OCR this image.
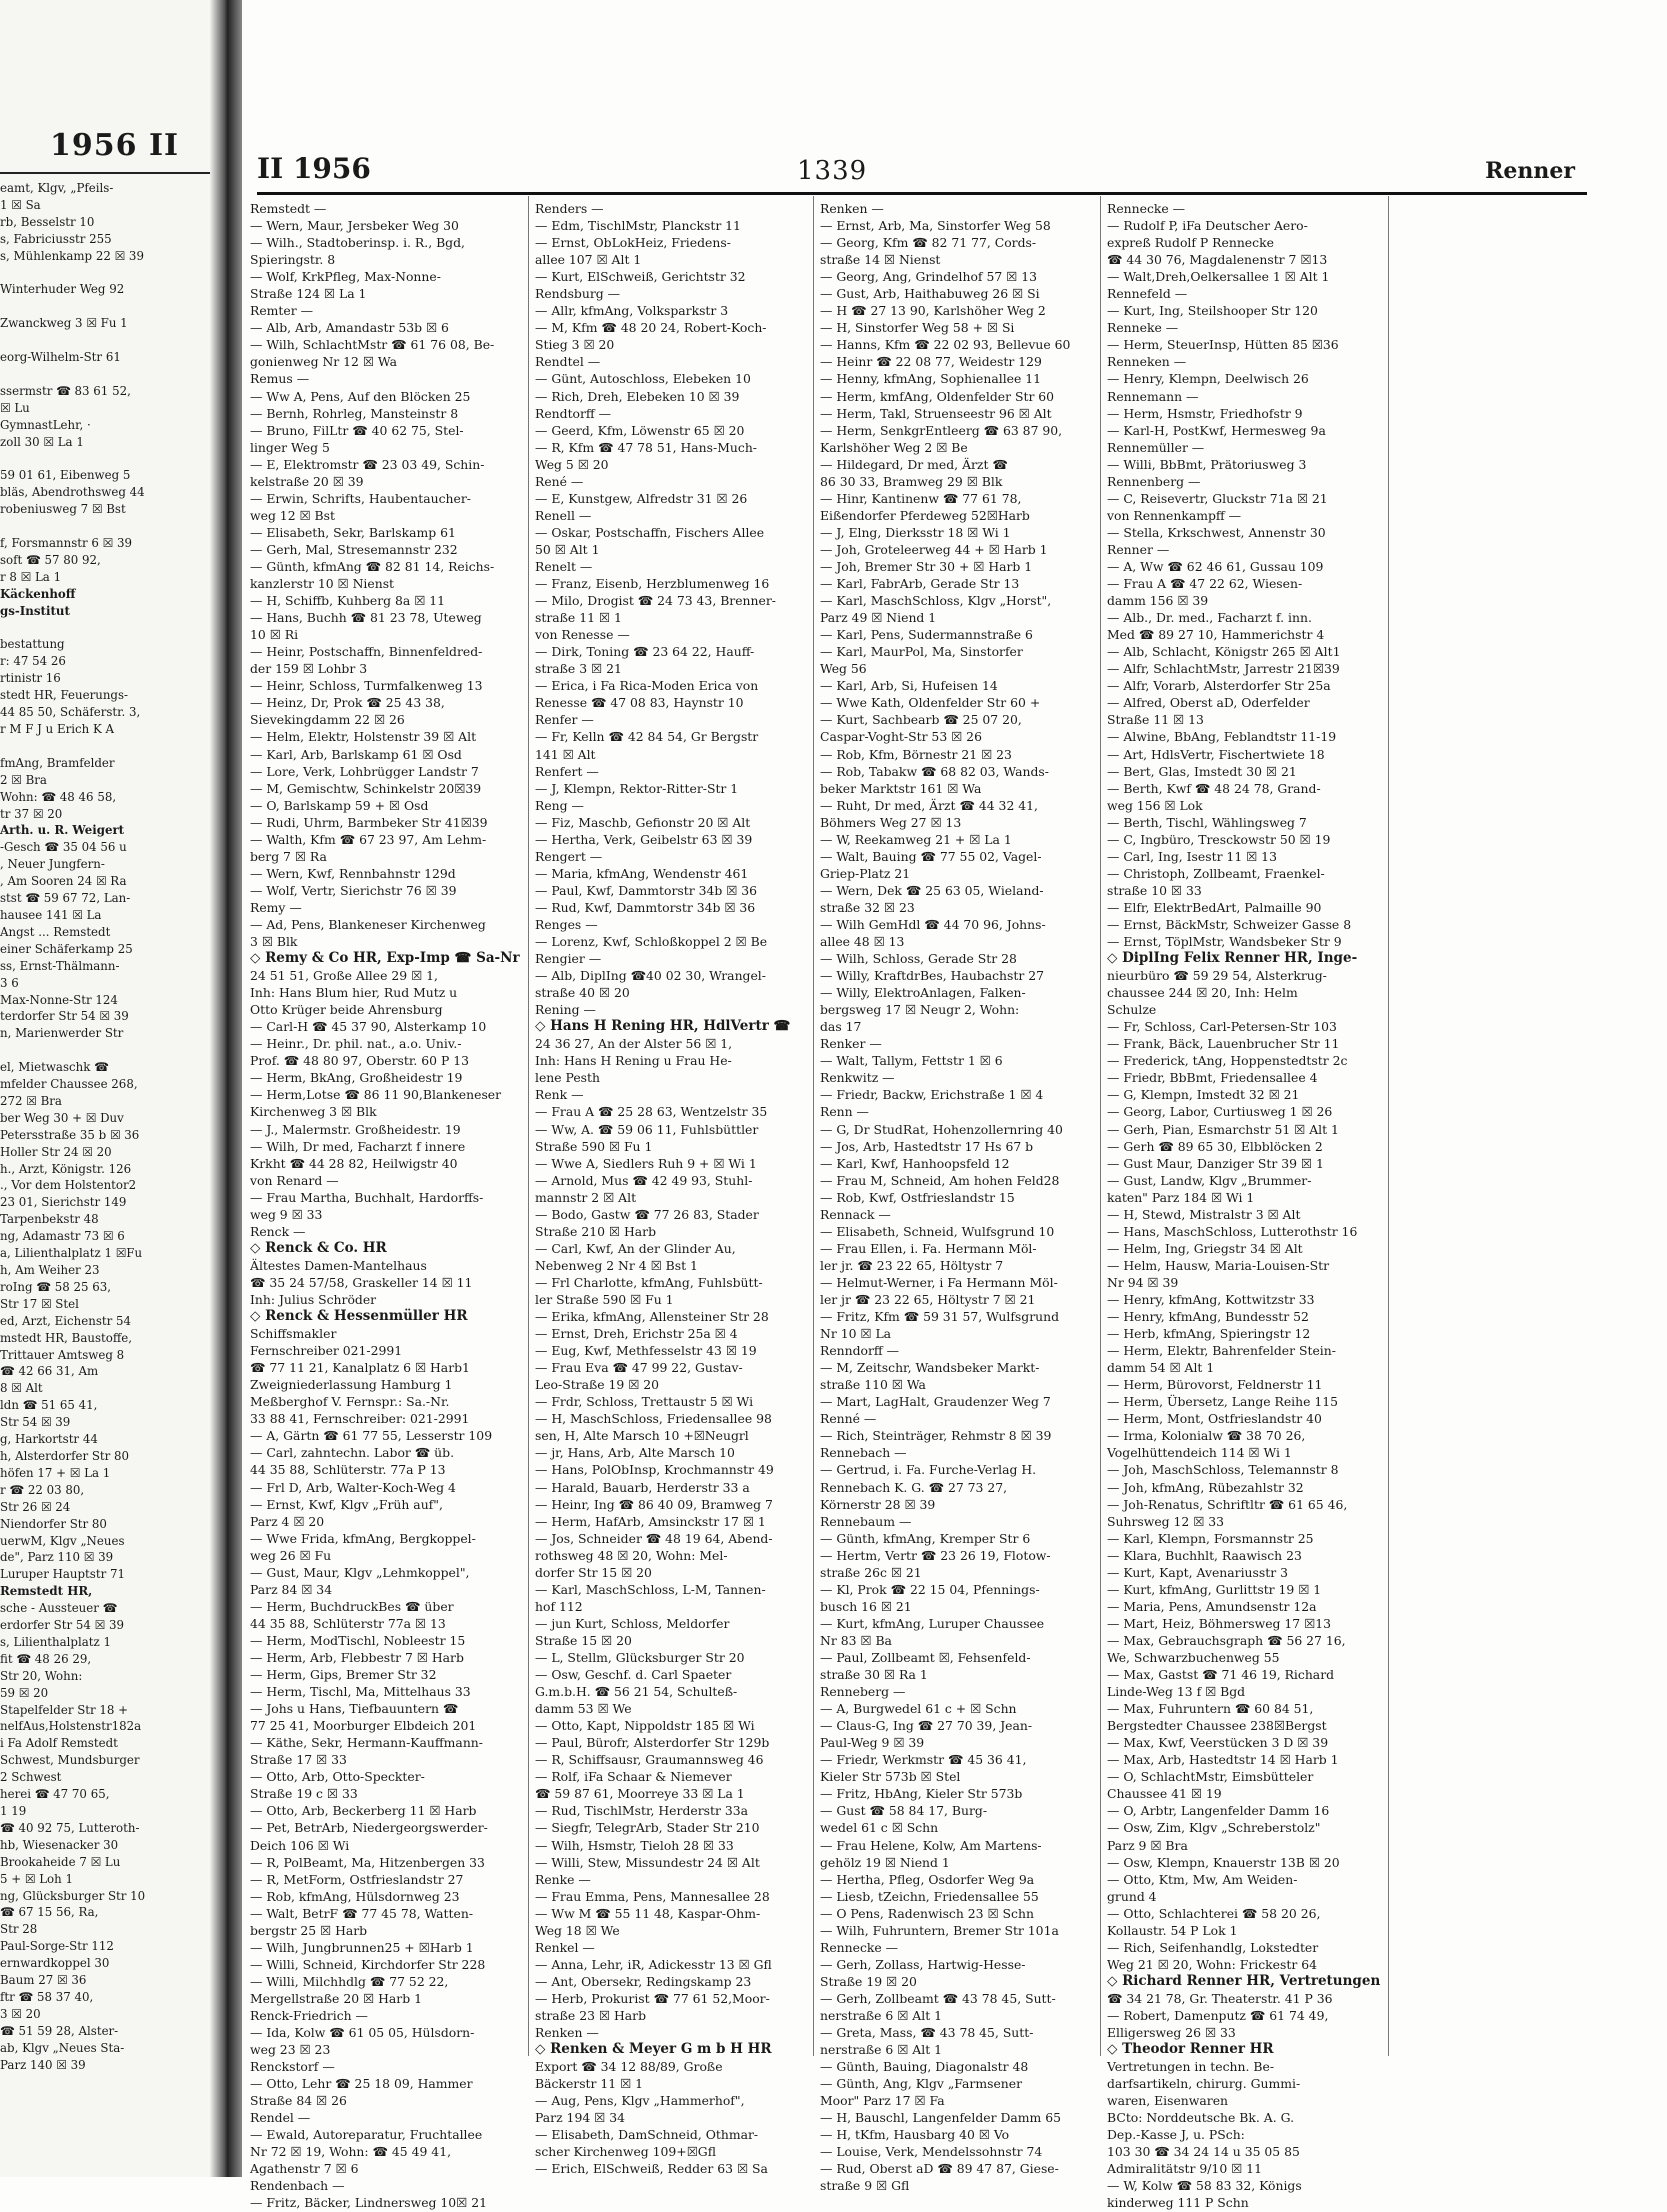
1956 II
eamt, Klgv, „Pfeils-
1 ☒ Sa
rb, Besselstr 10
s, Fabriciusstr 255
s, Mühlenkamp 22 ☒ 39

Winterhuder Weg 92

Zwanckweg 3 ☒ Fu 1

eorg-Wilhelm-Str 61

ssermstr ☎ 83 61 52,
☒ Lu
GymnastLehr, ·
zoll 30 ☒ La 1

59 01 61, Eibenweg 5
bläs, Abendrothsweg 44
robeniusweg 7 ☒ Bst

f, Forsmannstr 6 ☒ 39
soft ☎ 57 80 92,
r 8 ☒ La 1
Käckenhoff
gs-Institut

bestattung
r: 47 54 26
rtinistr 16
stedt HR, Feuerungs-
44 85 50, Schäferstr. 3,
r M F J u Erich K A

fmAng, Bramfelder
2 ☒ Bra
Wohn: ☎ 48 46 58,
tr 37 ☒ 20
Arth. u. R. Weigert
-Gesch ☎ 35 04 56 u
, Neuer Jungfern-
, Am Sooren 24 ☒ Ra
stst ☎ 59 67 72, Lan-
hausee 141 ☒ La
Angst ... Remstedt
einer Schäferkamp 25
ss, Ernst-Thälmann-
3 6
Max-Nonne-Str 124
terdorfer Str 54 ☒ 39
n, Marienwerder Str

el, Mietwaschk ☎
mfelder Chaussee 268,
272 ☒ Bra
ber Weg 30 + ☒ Duv
Petersstraße 35 b ☒ 36
Holler Str 24 ☒ 20
h., Arzt, Königstr. 126
., Vor dem Holstentor2
23 01, Sierichstr 149
Tarpenbekstr 48
ng, Adamastr 73 ☒ 6
a, Lilienthalplatz 1 ☒Fu
h, Am Weiher 23
roIng ☎ 58 25 63,
Str 17 ☒ Stel
ed, Arzt, Eichenstr 54
mstedt HR, Baustoffe,
Trittauer Amtsweg 8
☎ 42 66 31, Am
8 ☒ Alt
ldn ☎ 51 65 41,
Str 54 ☒ 39
g, Harkortstr 44
h, Alsterdorfer Str 80
höfen 17 + ☒ La 1
r ☎ 22 03 80,
Str 26 ☒ 24
Niendorfer Str 80
uerwM, Klgv „Neues
de", Parz 110 ☒ 39
Luruper Hauptstr 71
Remstedt HR,
sche - Aussteuer ☎
erdorfer Str 54 ☒ 39
s, Lilienthalplatz 1
fit ☎ 48 26 29,
Str 20, Wohn:
59 ☒ 20
Stapelfelder Str 18 +
nelfAus,Holstenstr182a
i Fa Adolf Remstedt
Schwest, Mundsburger
2 Schwest
herei ☎ 47 70 65,
1 19
☎ 40 92 75, Lutteroth-
hb, Wiesenacker 30
Brookaheide 7 ☒ Lu
5 + ☒ Loh 1
ng, Glücksburger Str 10
☎ 67 15 56, Ra,
Str 28
Paul-Sorge-Str 112
ernwardkoppel 30
Baum 27 ☒ 36
ftr ☎ 58 37 40,
3 ☒ 20
☎ 51 59 28, Alster-
ab, Klgv „Neues Sta-
Parz 140 ☒ 39
II 1956	1339	Renner
Remstedt —
— Wern, Maur, Jersbeker Weg 30
— Wilh., Stadtoberinsp. i. R., Bgd,
Spieringstr. 8
— Wolf, KrkPfleg, Max-Nonne-
Straße 124 ☒ La 1
Remter —
— Alb, Arb, Amandastr 53b ☒ 6
— Wilh, SchlachtMstr ☎ 61 76 08, Be-
gonienweg Nr 12 ☒ Wa
Remus —
— Ww A, Pens, Auf den Blöcken 25
— Bernh, Rohrleg, Mansteinstr 8
— Bruno, FilLtr ☎ 40 62 75, Stel-
linger Weg 5
— E, Elektromstr ☎ 23 03 49, Schin-
kelstraße 20 ☒ 39
— Erwin, Schrifts, Haubentaucher-
weg 12 ☒ Bst
— Elisabeth, Sekr, Barlskamp 61
— Gerh, Mal, Stresemannstr 232
— Günth, kfmAng ☎ 82 81 14, Reichs-
kanzlerstr 10 ☒ Nienst
— H, Schiffb, Kuhberg 8a ☒ 11
— Hans, Buchh ☎ 81 23 78, Uteweg
10 ☒ Ri
— Heinr, Postschaffn, Binnenfeldred-
der 159 ☒ Lohbr 3
— Heinr, Schloss, Turmfalkenweg 13
— Heinz, Dr, Prok ☎ 25 43 38,
Sievekingdamm 22 ☒ 26
— Helm, Elektr, Holstenstr 39 ☒ Alt
— Karl, Arb, Barlskamp 61 ☒ Osd
— Lore, Verk, Lohbrügger Landstr 7
— M, Gemischtw, Schinkelstr 20☒39
— O, Barlskamp 59 + ☒ Osd
— Rudi, Uhrm, Barmbeker Str 41☒39
— Walth, Kfm ☎ 67 23 97, Am Lehm-
berg 7 ☒ Ra
— Wern, Kwf, Rennbahnstr 129d
— Wolf, Vertr, Sierichstr 76 ☒ 39
Remy —
— Ad, Pens, Blankeneser Kirchenweg
3 ☒ Blk
◇ Remy & Co HR, Exp-Imp ☎ Sa-Nr
24 51 51, Große Allee 29 ☒ 1,
Inh: Hans Blum hier, Rud Mutz u
Otto Krüger beide Ahrensburg
— Carl-H ☎ 45 37 90, Alsterkamp 10
— Heinr., Dr. phil. nat., a.o. Univ.-
Prof. ☎ 48 80 97, Oberstr. 60 P 13
— Herm, BkAng, Großheidestr 19
— Herm,Lotse ☎ 86 11 90,Blankeneser
Kirchenweg 3 ☒ Blk
— J., Malermstr. Großheidestr. 19
— Wilh, Dr med, Facharzt f innere
Krkht ☎ 44 28 82, Heilwigstr 40
von Renard —
— Frau Martha, Buchhalt, Hardorffs-
weg 9 ☒ 33
Renck —
◇ Renck & Co. HR
Ältestes Damen-Mantelhaus
☎ 35 24 57/58, Graskeller 14 ☒ 11
Inh: Julius Schröder
◇ Renck & Hessenmüller HR
Schiffsmakler
Fernschreiber 021-2991
☎ 77 11 21, Kanalplatz 6 ☒ Harb1
Zweigniederlassung Hamburg 1
Meßberghof V. Fernspr.: Sa.-Nr.
33 88 41, Fernschreiber: 021-2991
— A, Gärtn ☎ 61 77 55, Lesserstr 109
— Carl, zahntechn. Labor ☎ üb.
44 35 88, Schlüterstr. 77a P 13
— Frl D, Arb, Walter-Koch-Weg 4
— Ernst, Kwf, Klgv „Früh auf",
Parz 4 ☒ 20
— Wwe Frida, kfmAng, Bergkoppel-
weg 26 ☒ Fu
— Gust, Maur, Klgv „Lehmkoppel",
Parz 84 ☒ 34
— Herm, BuchdruckBes ☎ über
44 35 88, Schlüterstr 77a ☒ 13
— Herm, ModTischl, Nobleestr 15
— Herm, Arb, Flebbestr 7 ☒ Harb
— Herm, Gips, Bremer Str 32
— Herm, Tischl, Ma, Mittelhaus 33
— Johs u Hans, Tiefbauuntern ☎
77 25 41, Moorburger Elbdeich 201
— Käthe, Sekr, Hermann-Kauffmann-
Straße 17 ☒ 33
— Otto, Arb, Otto-Speckter-
Straße 19 c ☒ 33
— Otto, Arb, Beckerberg 11 ☒ Harb
— Pet, BetrArb, Niedergeorgswerder-
Deich 106 ☒ Wi
— R, PolBeamt, Ma, Hitzenbergen 33
— R, MetForm, Ostfrieslandstr 27
— Rob, kfmAng, Hülsdornweg 23
— Walt, BetrF ☎ 77 45 78, Watten-
bergstr 25 ☒ Harb
— Wilh, Jungbrunnen25 + ☒Harb 1
— Willi, Schneid, Kirchdorfer Str 228
— Willi, Milchhdlg ☎ 77 52 22,
Mergellstraße 20 ☒ Harb 1
Renck-Friedrich —
— Ida, Kolw ☎ 61 05 05, Hülsdorn-
weg 23 ☒ 23
Renckstorf —
— Otto, Lehr ☎ 25 18 09, Hammer
Straße 84 ☒ 26
Rendel —
— Ewald, Autoreparatur, Fruchtallee
Nr 72 ☒ 19, Wohn: ☎ 45 49 41,
Agathenstr 7 ☒ 6
Rendenbach —
— Fritz, Bäcker, Lindnersweg 10☒ 21
Renders —
— Edm, TischlMstr, Planckstr 11
— Ernst, ObLokHeiz, Friedens-
allee 107 ☒ Alt 1
— Kurt, ElSchweiß, Gerichtstr 32
Rendsburg —
— Allr, kfmAng, Volksparkstr 3
— M, Kfm ☎ 48 20 24, Robert-Koch-
Stieg 3 ☒ 20
Rendtel —
— Günt, Autoschloss, Elebeken 10
— Rich, Dreh, Elebeken 10 ☒ 39
Rendtorff —
— Geerd, Kfm, Löwenstr 65 ☒ 20
— R, Kfm ☎ 47 78 51, Hans-Much-
Weg 5 ☒ 20
René —
— E, Kunstgew, Alfredstr 31 ☒ 26
Renell —
— Oskar, Postschaffn, Fischers Allee
50 ☒ Alt 1
Renelt —
— Franz, Eisenb, Herzblumenweg 16
— Milo, Drogist ☎ 24 73 43, Brenner-
straße 11 ☒ 1
von Renesse —
— Dirk, Toning ☎ 23 64 22, Hauff-
straße 3 ☒ 21
— Erica, i Fa Rica-Moden Erica von
Renesse ☎ 47 08 83, Haynstr 10
Renfer —
— Fr, Kelln ☎ 42 84 54, Gr Bergstr
141 ☒ Alt
Renfert —
— J, Klempn, Rektor-Ritter-Str 1
Reng —
— Fiz, Maschb, Gefionstr 20 ☒ Alt
— Hertha, Verk, Geibelstr 63 ☒ 39
Rengert —
— Maria, kfmAng, Wendenstr 461
— Paul, Kwf, Dammtorstr 34b ☒ 36
— Rud, Kwf, Dammtorstr 34b ☒ 36
Renges —
— Lorenz, Kwf, Schloßkoppel 2 ☒ Be
Rengier —
— Alb, DiplIng ☎40 02 30, Wrangel-
straße 40 ☒ 20
Rening —
◇ Hans H Rening HR, HdlVertr ☎
24 36 27, An der Alster 56 ☒ 1,
Inh: Hans H Rening u Frau He-
lene Pesth
Renk —
— Frau A ☎ 25 28 63, Wentzelstr 35
— Ww, A. ☎ 59 06 11, Fuhlsbüttler
Straße 590 ☒ Fu 1
— Wwe A, Siedlers Ruh 9 + ☒ Wi 1
— Arnold, Mus ☎ 42 49 93, Stuhl-
mannstr 2 ☒ Alt
— Bodo, Gastw ☎ 77 26 83, Stader
Straße 210 ☒ Harb
— Carl, Kwf, An der Glinder Au,
Nebenweg 2 Nr 4 ☒ Bst 1
— Frl Charlotte, kfmAng, Fuhlsbütt-
ler Straße 590 ☒ Fu 1
— Erika, kfmAng, Allensteiner Str 28
— Ernst, Dreh, Erichstr 25a ☒ 4
— Eug, Kwf, Methfesselstr 43 ☒ 19
— Frau Eva ☎ 47 99 22, Gustav-
Leo-Straße 19 ☒ 20
— Frdr, Schloss, Trettaustr 5 ☒ Wi
— H, MaschSchloss, Friedensallee 98
sen, H, Alte Marsch 10 +☒Neugrl
— jr, Hans, Arb, Alte Marsch 10
— Hans, PolObInsp, Krochmannstr 49
— Harald, Bauarb, Herderstr 33 a
— Heinr, Ing ☎ 86 40 09, Bramweg 7
— Herm, HafArb, Amsinckstr 17 ☒ 1
— Jos, Schneider ☎ 48 19 64, Abend-
rothsweg 48 ☒ 20, Wohn: Mel-
dorfer Str 15 ☒ 20
— Karl, MaschSchloss, L-M, Tannen-
hof 112
— jun Kurt, Schloss, Meldorfer
Straße 15 ☒ 20
— L, Stellm, Glücksburger Str 20
— Osw, Geschf. d. Carl Spaeter
G.m.b.H. ☎ 56 21 54, Schulteß-
damm 53 ☒ We
— Otto, Kapt, Nippoldstr 185 ☒ Wi
— Paul, Bürofr, Alsterdorfer Str 129b
— R, Schiffsausr, Graumannsweg 46
— Rolf, iFa Schaar & Niemever
☎ 59 87 61, Moorreye 33 ☒ La 1
— Rud, TischlMstr, Herderstr 33a
— Siegfr, TelegrArb, Stader Str 210
— Wilh, Hsmstr, Tieloh 28 ☒ 33
— Willi, Stew, Missundestr 24 ☒ Alt
Renke —
— Frau Emma, Pens, Mannesallee 28
— Ww M ☎ 55 11 48, Kaspar-Ohm-
Weg 18 ☒ We
Renkel —
— Anna, Lehr, iR, Adickesstr 13 ☒ Gfl
— Ant, Obersekr, Redingskamp 23
— Herb, Prokurist ☎ 77 61 52,Moor-
straße 23 ☒ Harb
Renken —
◇ Renken & Meyer G m b H HR
Export ☎ 34 12 88/89, Große
Bäckerstr 11 ☒ 1
— Aug, Pens, Klgv „Hammerhof",
Parz 194 ☒ 34
— Elisabeth, DamSchneid, Othmar-
scher Kirchenweg 109+☒Gfl
— Erich, ElSchweiß, Redder 63 ☒ Sa
Renken —
— Ernst, Arb, Ma, Sinstorfer Weg 58
— Georg, Kfm ☎ 82 71 77, Cords-
straße 14 ☒ Nienst
— Georg, Ang, Grindelhof 57 ☒ 13
— Gust, Arb, Haithabuweg 26 ☒ Si
— H ☎ 27 13 90, Karlshöher Weg 2
— H, Sinstorfer Weg 58 + ☒ Si
— Hanns, Kfm ☎ 22 02 93, Bellevue 60
— Heinr ☎ 22 08 77, Weidestr 129
— Henny, kfmAng, Sophienallee 11
— Herm, kmfAng, Oldenfelder Str 60
— Herm, Takl, Struenseestr 96 ☒ Alt
— Herm, SenkgrEntleerg ☎ 63 87 90,
Karlshöher Weg 2 ☒ Be
— Hildegard, Dr med, Ärzt ☎
86 30 33, Bramweg 29 ☒ Blk
— Hinr, Kantinenw ☎ 77 61 78,
Eißendorfer Pferdeweg 52☒Harb
— J, Elng, Dierksstr 18 ☒ Wi 1
— Joh, Groteleerweg 44 + ☒ Harb 1
— Joh, Bremer Str 30 + ☒ Harb 1
— Karl, FabrArb, Gerade Str 13
— Karl, MaschSchloss, Klgv „Horst",
Parz 49 ☒ Niend 1
— Karl, Pens, Sudermannstraße 6
— Karl, MaurPol, Ma, Sinstorfer
Weg 56
— Karl, Arb, Si, Hufeisen 14
— Wwe Kath, Oldenfelder Str 60 +
— Kurt, Sachbearb ☎ 25 07 20,
Caspar-Voght-Str 53 ☒ 26
— Rob, Kfm, Börnestr 21 ☒ 23
— Rob, Tabakw ☎ 68 82 03, Wands-
beker Marktstr 161 ☒ Wa
— Ruht, Dr med, Ärzt ☎ 44 32 41,
Böhmers Weg 27 ☒ 13
— W, Reekamweg 21 + ☒ La 1
— Walt, Bauing ☎ 77 55 02, Vagel-
Griep-Platz 21
— Wern, Dek ☎ 25 63 05, Wieland-
straße 32 ☒ 23
— Wilh GemHdl ☎ 44 70 96, Johns-
allee 48 ☒ 13
— Wilh, Schloss, Gerade Str 28
— Willy, KraftdrBes, Haubachstr 27
— Willy, ElektroAnlagen, Falken-
bergsweg 17 ☒ Neugr 2, Wohn:
das 17
Renker —
— Walt, Tallym, Fettstr 1 ☒ 6
Renkwitz —
— Friedr, Backw, Erichstraße 1 ☒ 4
Renn —
— G, Dr StudRat, Hohenzollernring 40
— Jos, Arb, Hastedtstr 17 Hs 67 b
— Karl, Kwf, Hanhoopsfeld 12
— Frau M, Schneid, Am hohen Feld28
— Rob, Kwf, Ostfrieslandstr 15
Rennack —
— Elisabeth, Schneid, Wulfsgrund 10
— Frau Ellen, i. Fa. Hermann Möl-
ler jr. ☎ 23 22 65, Höltystr 7
— Helmut-Werner, i Fa Hermann Möl-
ler jr ☎ 23 22 65, Höltystr 7 ☒ 21
— Fritz, Kfm ☎ 59 31 57, Wulfsgrund
Nr 10 ☒ La
Renndorff —
— M, Zeitschr, Wandsbeker Markt-
straße 110 ☒ Wa
— Mart, LagHalt, Graudenzer Weg 7
Renné —
— Rich, Steinträger, Rehmstr 8 ☒ 39
Rennebach —
— Gertrud, i. Fa. Furche-Verlag H.
Rennebach K. G. ☎ 27 73 27,
Körnerstr 28 ☒ 39
Rennebaum —
— Günth, kfmAng, Kremper Str 6
— Hertm, Vertr ☎ 23 26 19, Flotow-
straße 26c ☒ 21
— Kl, Prok ☎ 22 15 04, Pfennings-
busch 16 ☒ 21
— Kurt, kfmAng, Luruper Chaussee
Nr 83 ☒ Ba
— Paul, Zollbeamt ☒, Fehsenfeld-
straße 30 ☒ Ra 1
Renneberg —
— A, Burgwedel 61 c + ☒ Schn
— Claus-G, Ing ☎ 27 70 39, Jean-
Paul-Weg 9 ☒ 39
— Friedr, Werkmstr ☎ 45 36 41,
Kieler Str 573b ☒ Stel
— Fritz, HbAng, Kieler Str 573b
— Gust ☎ 58 84 17, Burg-
wedel 61 c ☒ Schn
— Frau Helene, Kolw, Am Martens-
gehölz 19 ☒ Niend 1
— Hertha, Pfleg, Osdorfer Weg 9a
— Liesb, tZeichn, Friedensallee 55
— O Pens, Radenwisch 23 ☒ Schn
— Wilh, Fuhruntern, Bremer Str 101a
Rennecke —
— Gerh, Zollass, Hartwig-Hesse-
Straße 19 ☒ 20
— Gerh, Zollbeamt ☎ 43 78 45, Sutt-
nerstraße 6 ☒ Alt 1
— Greta, Mass, ☎ 43 78 45, Sutt-
nerstraße 6 ☒ Alt 1
— Günth, Bauing, Diagonalstr 48
— Günth, Ang, Klgv „Farmsener
Moor" Parz 17 ☒ Fa
— H, Bauschl, Langenfelder Damm 65
— H, tKfm, Hausbarg 40 ☒ Vo
— Louise, Verk, Mendelssohnstr 74
— Rud, Oberst aD ☎ 89 47 87, Giese-
straße 9 ☒ Gfl
Rennecke —
— Rudolf P, iFa Deutscher Aero-
expreß Rudolf P Rennecke
☎ 44 30 76, Magdalenenstr 7 ☒13
— Walt,Dreh,Oelkersallee 1 ☒ Alt 1
Rennefeld —
— Kurt, Ing, Steilshooper Str 120
Renneke —
— Herm, SteuerInsp, Hütten 85 ☒36
Renneken —
— Henry, Klempn, Deelwisch 26
Rennemann —
— Herm, Hsmstr, Friedhofstr 9
— Karl-H, PostKwf, Hermesweg 9a
Rennemüller —
— Willi, BbBmt, Prätoriusweg 3
Rennenberg —
— C, Reisevertr, Gluckstr 71a ☒ 21
von Rennenkampff —
— Stella, Krkschwest, Annenstr 30
Renner —
— A, Ww ☎ 62 46 61, Gussau 109
— Frau A ☎ 47 22 62, Wiesen-
damm 156 ☒ 39
— Alb., Dr. med., Facharzt f. inn.
Med ☎ 89 27 10, Hammerichstr 4
— Alb, Schlacht, Königstr 265 ☒ Alt1
— Alfr, SchlachtMstr, Jarrestr 21☒39
— Alfr, Vorarb, Alsterdorfer Str 25a
— Alfred, Oberst aD, Oderfelder
Straße 11 ☒ 13
— Alwine, BbAng, Feblandtstr 11-19
— Art, HdlsVertr, Fischertwiete 18
— Bert, Glas, Imstedt 30 ☒ 21
— Berth, Kwf ☎ 48 24 78, Grand-
weg 156 ☒ Lok
— Berth, Tischl, Wählingsweg 7
— C, Ingbüro, Tresckowstr 50 ☒ 19
— Carl, Ing, Isestr 11 ☒ 13
— Christoph, Zollbeamt, Fraenkel-
straße 10 ☒ 33
— Elfr, ElektrBedArt, Palmaille 90
— Ernst, BäckMstr, Schweizer Gasse 8
— Ernst, TöplMstr, Wandsbeker Str 9
◇ DiplIng Felix Renner HR, Inge-
nieurbüro ☎ 59 29 54, Alsterkrug-
chaussee 244 ☒ 20, Inh: Helm
Schulze
— Fr, Schloss, Carl-Petersen-Str 103
— Frank, Bäck, Lauenbrucher Str 11
— Frederick, tAng, Hoppenstedtstr 2c
— Friedr, BbBmt, Friedensallee 4
— G, Klempn, Imstedt 32 ☒ 21
— Georg, Labor, Curtiusweg 1 ☒ 26
— Gerh, Pian, Esmarchstr 51 ☒ Alt 1
— Gerh ☎ 89 65 30, Elbblöcken 2
— Gust Maur, Danziger Str 39 ☒ 1
— Gust, Landw, Klgv „Brummer-
katen" Parz 184 ☒ Wi 1
— H, Stewd, Mistralstr 3 ☒ Alt
— Hans, MaschSchloss, Lutterothstr 16
— Helm, Ing, Griegstr 34 ☒ Alt
— Helm, Hausw, Maria-Louisen-Str
Nr 94 ☒ 39
— Henry, kfmAng, Kottwitzstr 33
— Henry, kfmAng, Bundesstr 52
— Herb, kfmAng, Spieringstr 12
— Herm, Elektr, Bahrenfelder Stein-
damm 54 ☒ Alt 1
— Herm, Bürovorst, Feldnerstr 11
— Herm, Übersetz, Lange Reihe 115
— Herm, Mont, Ostfrieslandstr 40
— Irma, Kolonialw ☎ 38 70 26,
Vogelhüttendeich 114 ☒ Wi 1
— Joh, MaschSchloss, Telemannstr 8
— Joh, kfmAng, Rübezahlstr 32
— Joh-Renatus, Schriftltr ☎ 61 65 46,
Suhrsweg 12 ☒ 33
— Karl, Klempn, Forsmannstr 25
— Klara, Buchhlt, Raawisch 23
— Kurt, Kapt, Avenariusstr 3
— Kurt, kfmAng, Gurlittstr 19 ☒ 1
— Maria, Pens, Amundsenstr 12a
— Mart, Heiz, Böhmersweg 17 ☒13
— Max, Gebrauchsgraph ☎ 56 27 16,
We, Schwarzbuchenweg 55
— Max, Gastst ☎ 71 46 19, Richard
Linde-Weg 13 f ☒ Bgd
— Max, Fuhruntern ☎ 60 84 51,
Bergstedter Chaussee 238☒Bergst
— Max, Kwf, Veerstücken 3 D ☒ 39
— Max, Arb, Hastedtstr 14 ☒ Harb 1
— O, SchlachtMstr, Eimsbütteler
Chaussee 41 ☒ 19
— O, Arbtr, Langenfelder Damm 16
— Osw, Zim, Klgv „Schreberstolz"
Parz 9 ☒ Bra
— Osw, Klempn, Knauerstr 13B ☒ 20
— Otto, Ktm, Mw, Am Weiden-
grund 4
— Otto, Schlachterei ☎ 58 20 26,
Kollaustr. 54 P Lok 1
— Rich, Seifenhandlg, Lokstedter
Weg 21 ☒ 20, Wohn: Frickestr 64
◇ Richard Renner HR, Vertretungen
☎ 34 21 78, Gr. Theaterstr. 41 P 36
— Robert, Damenputz ☎ 61 74 49,
Elligersweg 26 ☒ 33
◇ Theodor Renner HR
Vertretungen in techn. Be-
darfsartikeln, chirurg. Gummi-
waren, Eisenwaren
BCto: Norddeutsche Bk. A. G.
Dep.-Kasse J, u. PSch:
103 30 ☎ 34 24 14 u 35 05 85
Admiralitätstr 9/10 ☒ 11
— W, Kolw ☎ 58 83 32, Königs
kinderweg 111 P Schn
